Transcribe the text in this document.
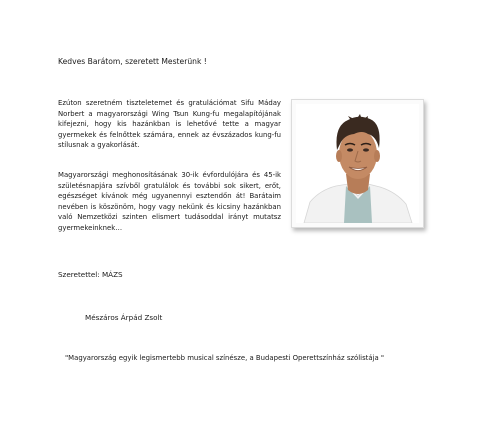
Kedves Barátom, szeretett Mesterünk !

Ezúton szeretném tiszteletemet és gratulációmat Sifu Máday Norbert a magyarországi Wing Tsun Kung-fu megalapítójának kifejezni, hogy kis hazánkban is lehetővé tette a magyar gyermekek és felnőttek számára, ennek az évszázados kung-fu stílusnak a gyakorlását.

Magyarországi meghonosításának 30-ik évfordulójára és 45-ik születésnapjára szívből gratulálok és további sok sikert, erőt, egészséget kívánok még ugyanennyi esztendőn át! Barátaim nevében is köszönöm, hogy vagy nekünk és kicsiny hazánkban való Nemzetközi szinten elismert tudásoddal irányt mutatsz gyermekeinknek…

Szeretettel: MÁZS
Mészáros Árpád Zsolt
"Magyarország egyik legismertebb musical színésze, a Budapesti Operettszínház szólistája "
